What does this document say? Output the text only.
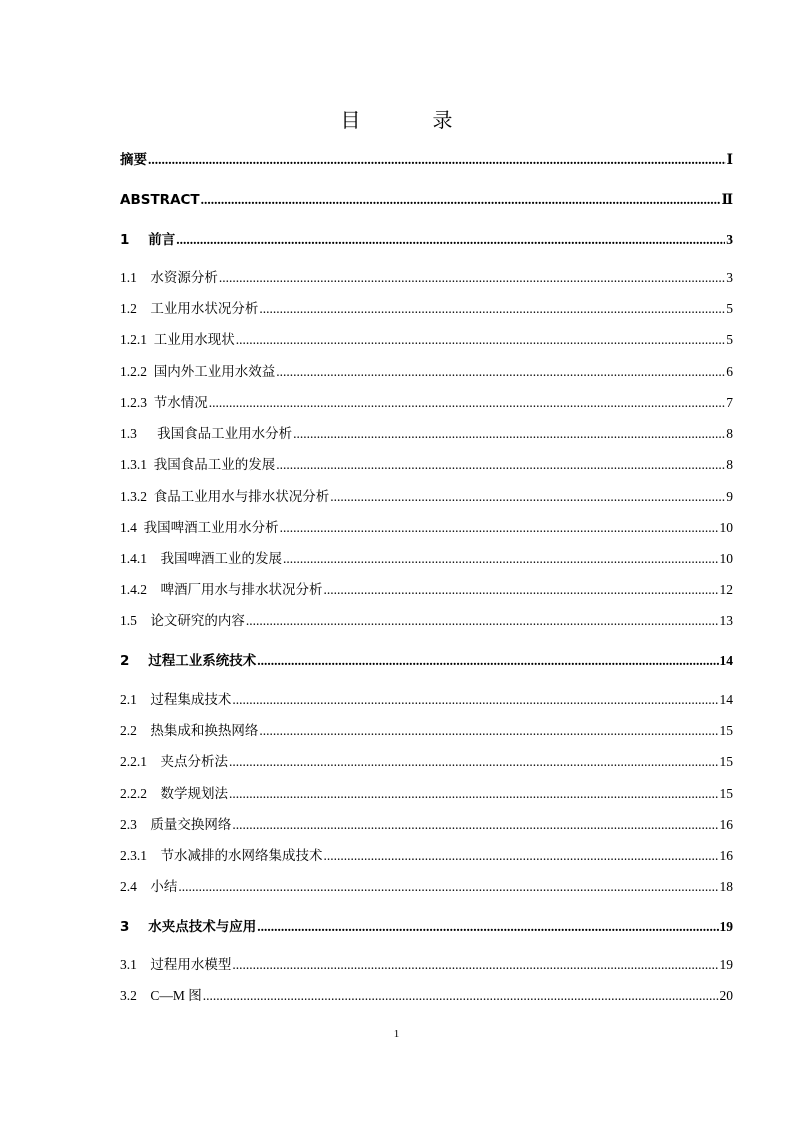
目	录
摘要 .....	Ⅰ
ABSTRACT .....	Ⅱ
1    前言 .....	3
1.1    水资源分析 .....	3
1.2    工业用水状况分析 .....	5
1.2.1  工业用水现状 .....	5
1.2.2  国内外工业用水效益 .....	6
1.2.3  节水情况 .....	7
1.3      我国食品工业用水分析 .....	8
1.3.1  我国食品工业的发展 .....	8
1.3.2  食品工业用水与排水状况分析 .....	9
1.4  我国啤酒工业用水分析 .....	10
1.4.1    我国啤酒工业的发展 .....	10
1.4.2    啤酒厂用水与排水状况分析 .....	12
1.5    论文研究的内容 .....	13
2    过程工业系统技术 .....	14
2.1    过程集成技术 .....	14
2.2    热集成和换热网络 .....	15
2.2.1    夹点分析法 .....	15
2.2.2    数学规划法 .....	15
2.3    质量交换网络 .....	16
2.3.1    节水减排的水网络集成技术 .....	16
2.4    小结 .....	18
3    水夹点技术与应用 .....	19
3.1    过程用水模型 .....	19
3.2    C—M 图 .....	20
1
